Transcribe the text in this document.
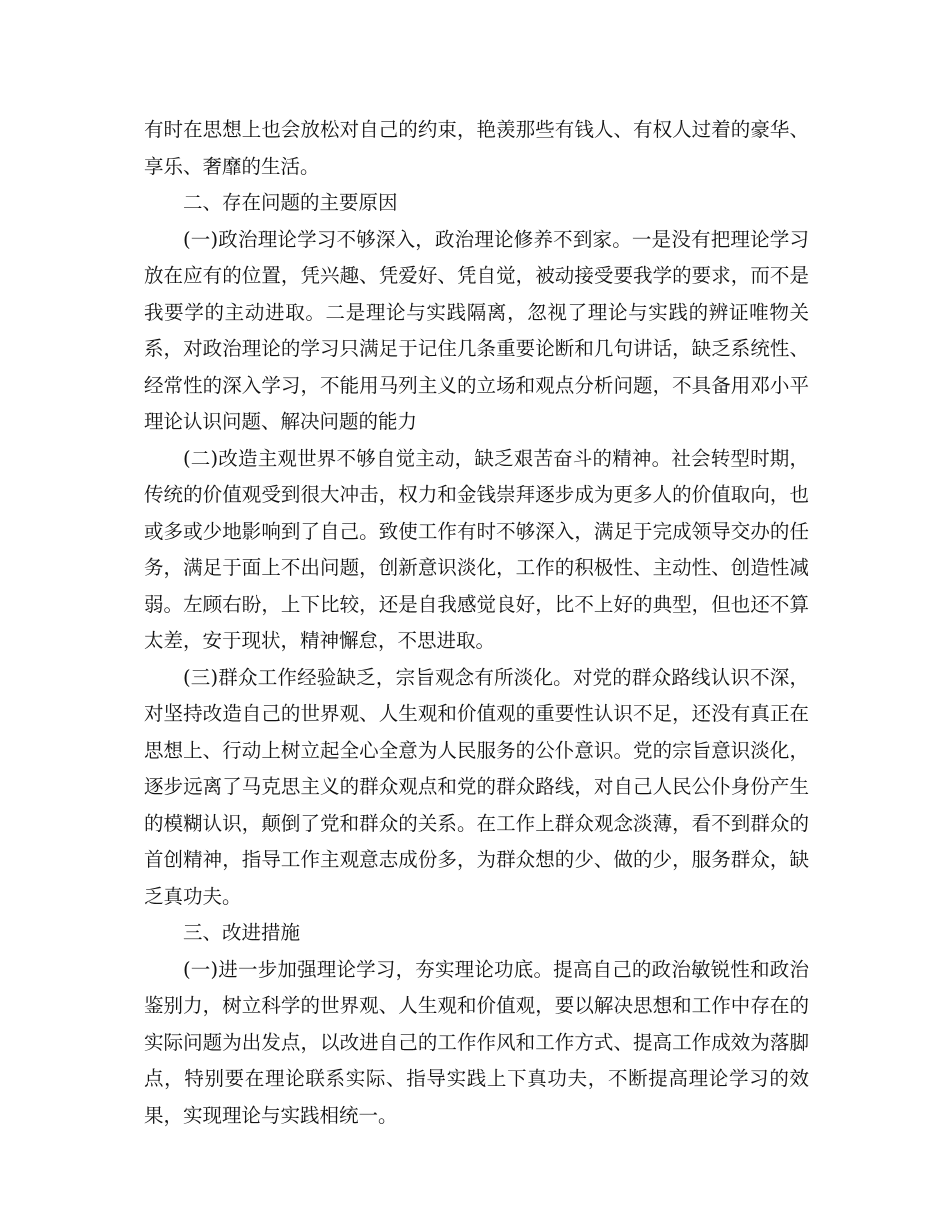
有时在思想上也会放松对自己的约束，艳羡那些有钱人、有权人过着的豪华、享乐、奢靡的生活。

二、存在问题的主要原因

(一)政治理论学习不够深入，政治理论修养不到家。一是没有把理论学习放在应有的位置，凭兴趣、凭爱好、凭自觉，被动接受要我学的要求，而不是我要学的主动进取。二是理论与实践隔离，忽视了理论与实践的辨证唯物关系，对政治理论的学习只满足于记住几条重要论断和几句讲话，缺乏系统性、经常性的深入学习，不能用马列主义的立场和观点分析问题，不具备用邓小平理论认识问题、解决问题的能力

(二)改造主观世界不够自觉主动，缺乏艰苦奋斗的精神。社会转型时期，传统的价值观受到很大冲击，权力和金钱崇拜逐步成为更多人的价值取向，也或多或少地影响到了自己。致使工作有时不够深入，满足于完成领导交办的任务，满足于面上不出问题，创新意识淡化，工作的积极性、主动性、创造性减弱。左顾右盼，上下比较，还是自我感觉良好，比不上好的典型，但也还不算太差，安于现状，精神懈怠，不思进取。

(三)群众工作经验缺乏，宗旨观念有所淡化。对党的群众路线认识不深，对坚持改造自己的世界观、人生观和价值观的重要性认识不足，还没有真正在思想上、行动上树立起全心全意为人民服务的公仆意识。党的宗旨意识淡化，逐步远离了马克思主义的群众观点和党的群众路线，对自己人民公仆身份产生的模糊认识，颠倒了党和群众的关系。在工作上群众观念淡薄，看不到群众的首创精神，指导工作主观意志成份多，为群众想的少、做的少，服务群众，缺乏真功夫。

三、改进措施

(一)进一步加强理论学习，夯实理论功底。提高自己的政治敏锐性和政治鉴别力，树立科学的世界观、人生观和价值观，要以解决思想和工作中存在的实际问题为出发点，以改进自己的工作作风和工作方式、提高工作成效为落脚点，特别要在理论联系实际、指导实践上下真功夫，不断提高理论学习的效果，实现理论与实践相统一。
